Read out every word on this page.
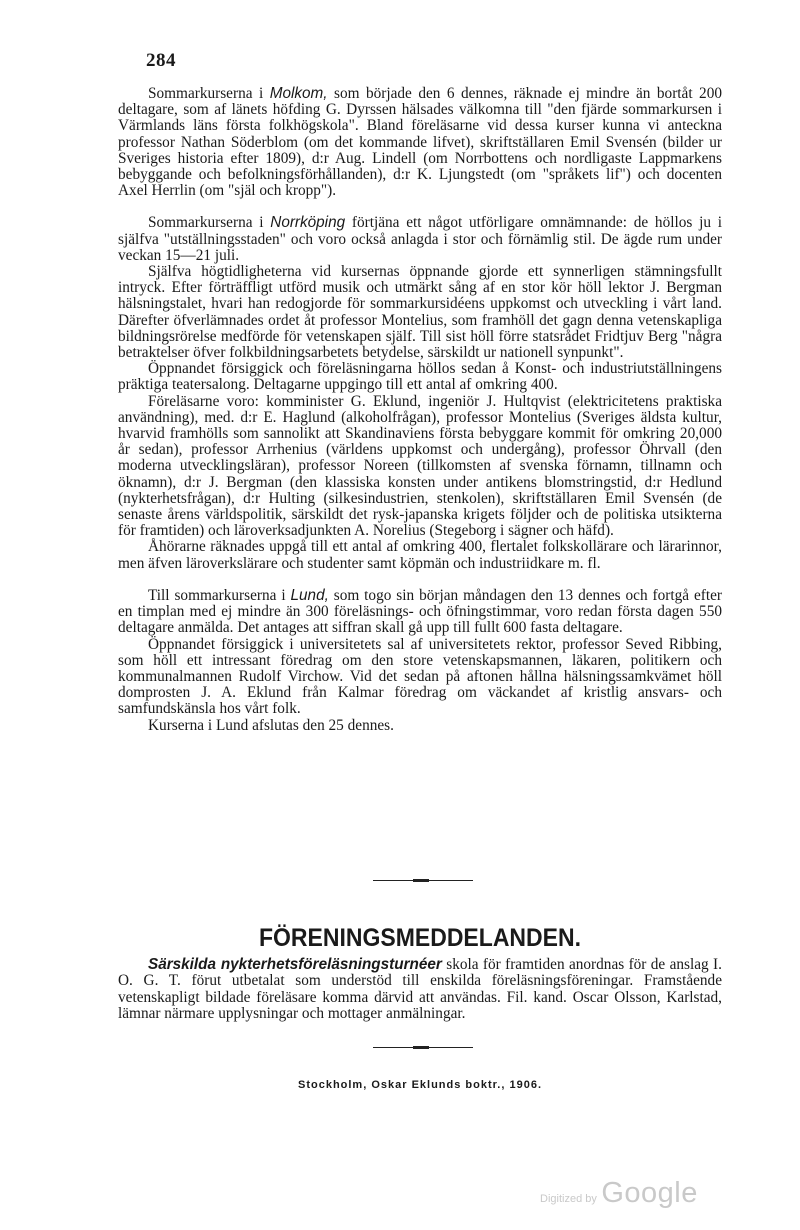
284

Sommarkurserna i Molkom, som började den 6 dennes, räknade ej mindre än bortåt 200 deltagare, som af länets höfding G. Dyrssen hälsades välkomna till "den fjärde sommarkursen i Värmlands läns första folkhögskola". Bland föreläsarne vid dessa kurser kunna vi anteckna professor Nathan Söderblom (om det kommande lifvet), skriftställaren Emil Svensén (bilder ur Sveriges historia efter 1809), d:r Aug. Lindell (om Norrbottens och nordligaste Lappmarkens bebyggande och befolkningsförhållanden), d:r K. Ljungstedt (om "språkets lif") och docenten Axel Herrlin (om "själ och kropp").

Sommarkurserna i Norrköping förtjäna ett något utförligare omnämnande: de höllos ju i själfva "utställningsstaden" och voro också anlagda i stor och förnämlig stil. De ägde rum under veckan 15—21 juli.

Själfva högtidligheterna vid kursernas öppnande gjorde ett synnerligen stämningsfullt intryck. Efter förträffligt utförd musik och utmärkt sång af en stor kör höll lektor J. Bergman hälsningstalet, hvari han redogjorde för sommarkursidéens uppkomst och utveckling i vårt land. Därefter öfverlämnades ordet åt professor Montelius, som framhöll det gagn denna vetenskapliga bildningsrörelse medförde för vetenskapen själf. Till sist höll förre statsrådet Fridtjuv Berg "några betraktelser öfver folkbildningsarbetets betydelse, särskildt ur nationell synpunkt".

Öppnandet försiggick och föreläsningarna höllos sedan å Konst- och industriutställningens präktiga teatersalong. Deltagarne uppgingo till ett antal af omkring 400.

Föreläsarne voro: komminister G. Eklund, ingeniör J. Hultqvist (elektricitetens praktiska användning), med. d:r E. Haglund (alkoholfrågan), professor Montelius (Sveriges äldsta kultur, hvarvid framhölls som sannolikt att Skandinaviens första bebyggare kommit för omkring 20,000 år sedan), professor Arrhenius (världens uppkomst och undergång), professor Öhrvall (den moderna utvecklingsläran), professor Noreen (tillkomsten af svenska förnamn, tillnamn och öknamn), d:r J. Bergman (den klassiska konsten under antikens blomstringstid, d:r Hedlund (nykterhetsfrågan), d:r Hulting (silkesindustrien, stenkolen), skriftställaren Emil Svensén (de senaste årens världspolitik, särskildt det rysk-japanska krigets följder och de politiska utsikterna för framtiden) och läroverksadjunkten A. Norelius (Stegeborg i sägner och häfd).

Åhörarne räknades uppgå till ett antal af omkring 400, flertalet folkskollärare och lärarinnor, men äfven läroverkslärare och studenter samt köpmän och industriidkare m. fl.

Till sommarkurserna i Lund, som togo sin början måndagen den 13 dennes och fortgå efter en timplan med ej mindre än 300 föreläsnings- och öfningstimmar, voro redan första dagen 550 deltagare anmälda. Det antages att siffran skall gå upp till fullt 600 fasta deltagare.

Öppnandet försiggick i universitetets sal af universitetets rektor, professor Seved Ribbing, som höll ett intressant föredrag om den store vetenskapsmannen, läkaren, politikern och kommunalmannen Rudolf Virchow. Vid det sedan på aftonen hållna hälsningssamkvämet höll domprosten J. A. Eklund från Kalmar föredrag om väckandet af kristlig ansvars- och samfundskänsla hos vårt folk.

Kurserna i Lund afslutas den 25 dennes.

FÖRENINGSMEDDELANDEN.

Särskilda nykterhetsföreläsningsturnéer skola för framtiden anordnas för de anslag I. O. G. T. förut utbetalat som understöd till enskilda föreläsningsföreningar. Framstående vetenskapligt bildade föreläsare komma därvid att användas. Fil. kand. Oscar Olsson, Karlstad, lämnar närmare upplysningar och mottager anmälningar.

Stockholm, Oskar Eklunds boktr., 1906.
Digitized by Google
